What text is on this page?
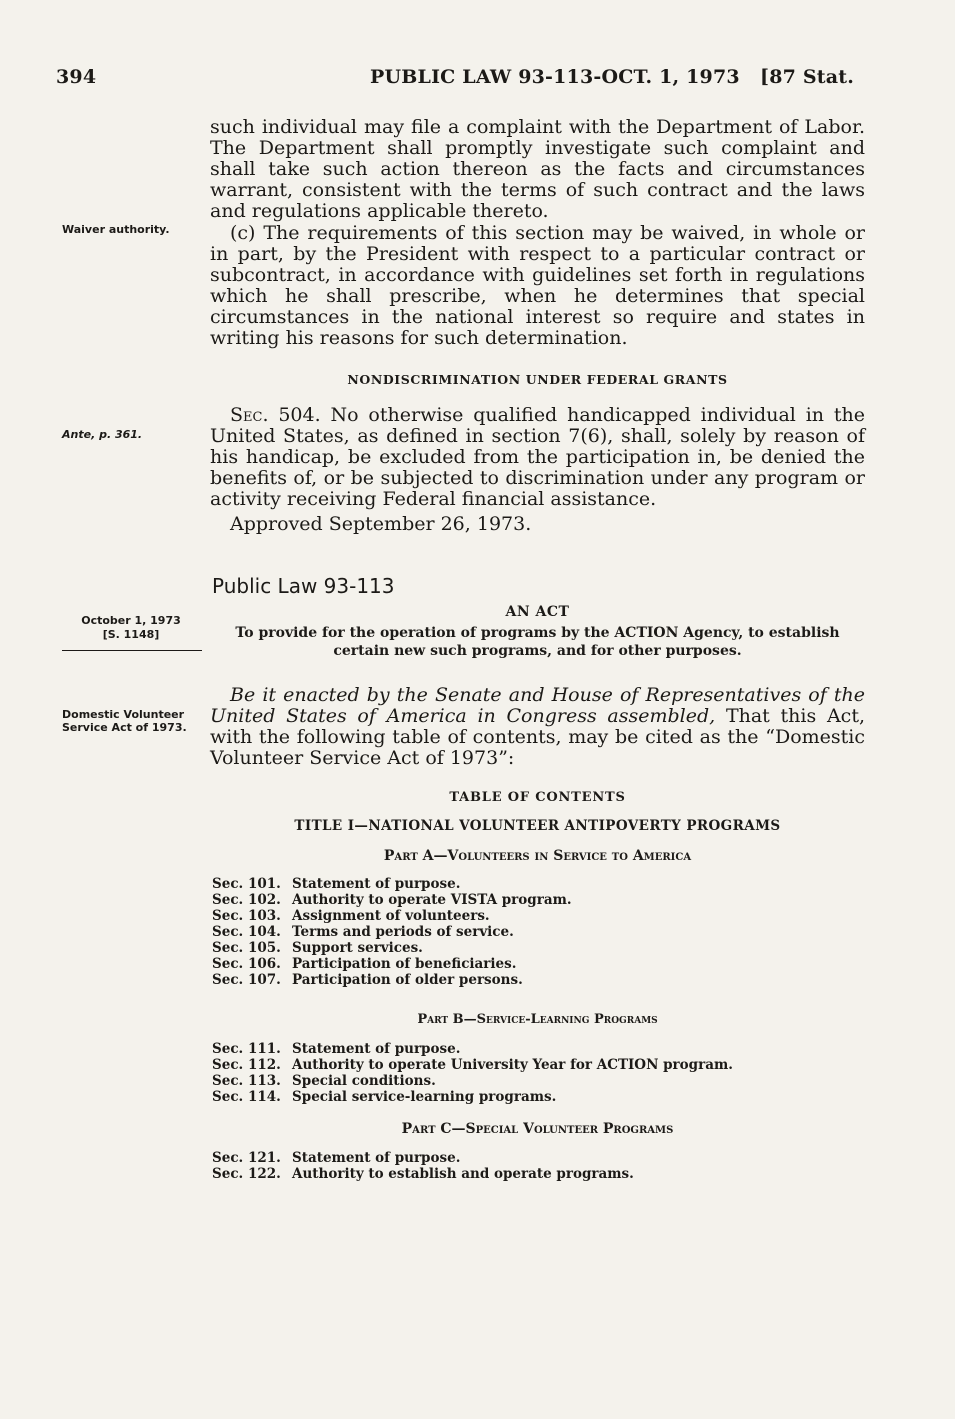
394	PUBLIC LAW 93-113-OCT. 1, 1973 [87 Stat.

such individual may file a complaint with the Department of Labor. The Department shall promptly investigate such complaint and shall take such action thereon as the facts and circumstances warrant, consistent with the terms of such contract and the laws and regulations applicable thereto.

Waiver authority.	(c) The requirements of this section may be waived, in whole or in part, by the President with respect to a particular contract or subcontract, in accordance with guidelines set forth in regulations which he shall prescribe, when he determines that special circumstances in the national interest so require and states in writing his reasons for such determination.

NONDISCRIMINATION UNDER FEDERAL GRANTS
Ante, p. 361.

Sec. 504. No otherwise qualified handicapped individual in the United States, as defined in section 7(6), shall, solely by reason of his handicap, be excluded from the participation in, be denied the benefits of, or be subjected to discrimination under any program or activity receiving Federal financial assistance.

Approved September 26, 1973.
Public Law 93-113
October 1, 1973
[S. 1148]
AN ACT
To provide for the operation of programs by the ACTION Agency, to establish certain new such programs, and for other purposes.
Domestic Volunteer Service Act of 1973.

Be it enacted by the Senate and House of Representatives of the United States of America in Congress assembled, That this Act, with the following table of contents, may be cited as the “Domestic Volunteer Service Act of 1973”:

TABLE OF CONTENTS
TITLE I—NATIONAL VOLUNTEER ANTIPOVERTY PROGRAMS
Part A—Volunteers in Service to America
Sec. 101. Statement of purpose.
Sec. 102. Authority to operate VISTA program.
Sec. 103. Assignment of volunteers.
Sec. 104. Terms and periods of service.
Sec. 105. Support services.
Sec. 106. Participation of beneficiaries.
Sec. 107. Participation of older persons.
Part B—Service-Learning Programs
Sec. 111. Statement of purpose.
Sec. 112. Authority to operate University Year for ACTION program.
Sec. 113. Special conditions.
Sec. 114. Special service-learning programs.
Part C—Special Volunteer Programs
Sec. 121. Statement of purpose.
Sec. 122. Authority to establish and operate programs.
